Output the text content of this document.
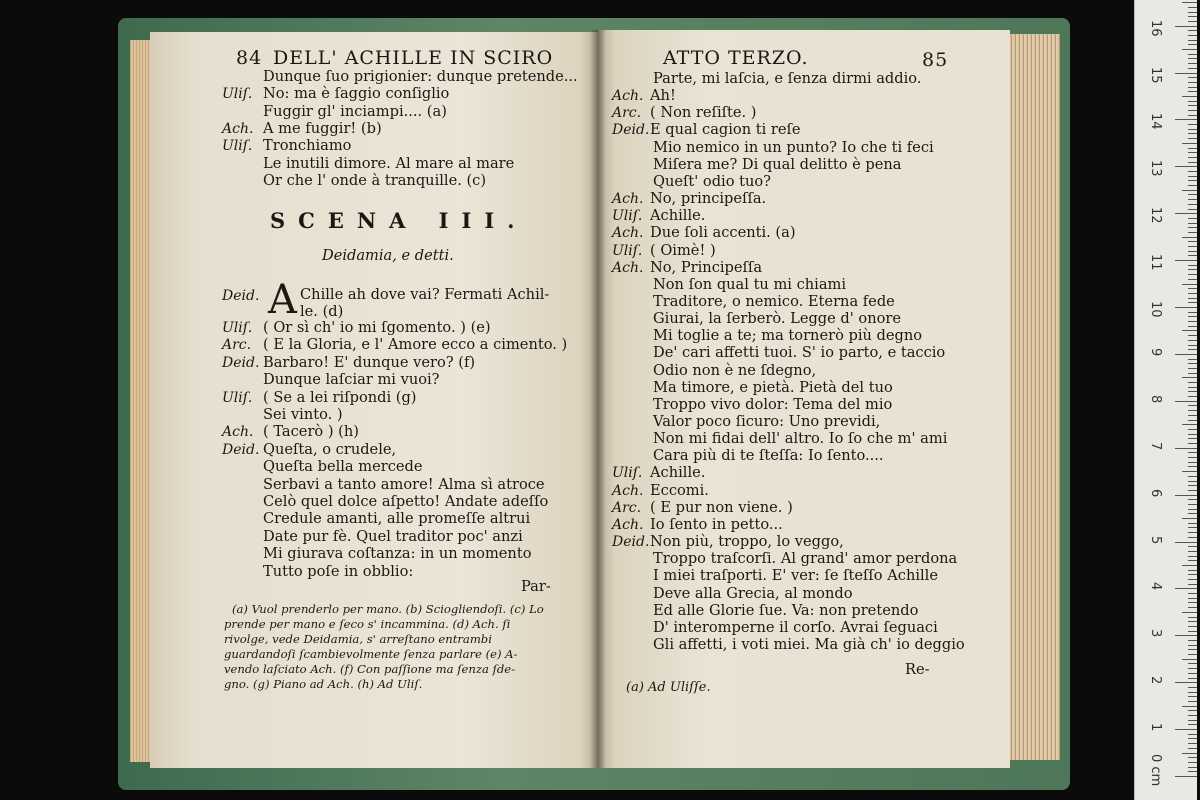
84 DELL' ACHILLE IN SCIRO
Dunque ſuo prigionier: dunque pretende...
Uliſ. No: ma è ſaggio conſiglio
Fuggir gl' inciampi.... (a)
Ach. A me fuggir! (b)
Uliſ. Tronchiamo
Le inutili dimore. Al mare al mare
Or che l' onde à tranquille. (c)
SCENA III.
Deidamia, e detti.
Deid. A Chille ah dove vai? Fermati Achil-
le. (d)
Uliſ. ( Or sì ch' io mi ſgomento. ) (e)
Arc. ( E la Gloria, e l' Amore ecco a cimento. )
Deid. Barbaro! E' dunque vero? (f)
Dunque laſciar mi vuoi?
Uliſ. ( Se a lei riſpondi (g)
Sei vinto. )
Ach. ( Tacerò ) (h)
Deid. Queſta, o crudele,
Queſta bella mercede
Serbavi a tanto amore! Alma sì atroce
Celò quel dolce aſpetto! Andate adeſſo
Credule amanti, alle promeſſe altrui
Date pur fè. Quel traditor poc' anzi
Mi giurava coſtanza: in un momento
Tutto poſe in obblio:
Par-
(a) Vuol prenderlo per mano. (b) Sciogliendoſi. (c) Lo
prende per mano e ſeco s' incammina. (d) Ach. ſi
rivolge, vede Deidamia, s' arreſtano entrambi
guardandoſi ſcambievolmente ſenza parlare (e) A-
vendo laſciato Ach. (f) Con paſſione ma ſenza ſde-
gno. (g) Piano ad Ach. (h) Ad Uliſ.
ATTO TERZO.	85
Parte, mi laſcia, e ſenza dirmi addio.
Ach. Ah!
Arc. ( Non reſiſte. )
Deid. E qual cagion ti reſe
Mio nemico in un punto? Io che ti feci
Miſera me? Di qual delitto è pena
Queſt' odio tuo?
Ach. No, principeſſa.
Uliſ. Achille.
Ach. Due ſoli accenti. (a)
Uliſ. ( Oimè! )
Ach. No, Principeſſa
Non ſon qual tu mi chiami
Traditore, o nemico. Eterna fede
Giurai, la ſerberò. Legge d' onore
Mi toglie a te; ma tornerò più degno
De' cari affetti tuoi. S' io parto, e taccio
Odio non è ne ſdegno,
Ma timore, e pietà. Pietà del tuo
Troppo vivo dolor: Tema del mio
Valor poco ſicuro: Uno previdi,
Non mi fidai dell' altro. Io ſo che m' ami
Cara più di te ſteſſa: Io ſento....
Uliſ. Achille.
Ach. Eccomi.
Arc. ( E pur non viene. )
Ach. Io ſento in petto...
Deid. Non più, troppo, lo veggo,
Troppo traſcorſi. Al grand' amor perdona
I miei traſporti. E' ver: ſe ſteſſo Achille
Deve alla Grecia, al mondo
Ed alle Glorie ſue. Va: non pretendo
D' interomperne il corſo. Avrai ſeguaci
Gli affetti, i voti miei. Ma già ch' io deggio
Re-
(a) Ad Uliſſe.
0 cm
1
2
3
4
5
6
7
8
9
10
11
12
13
14
15
16
